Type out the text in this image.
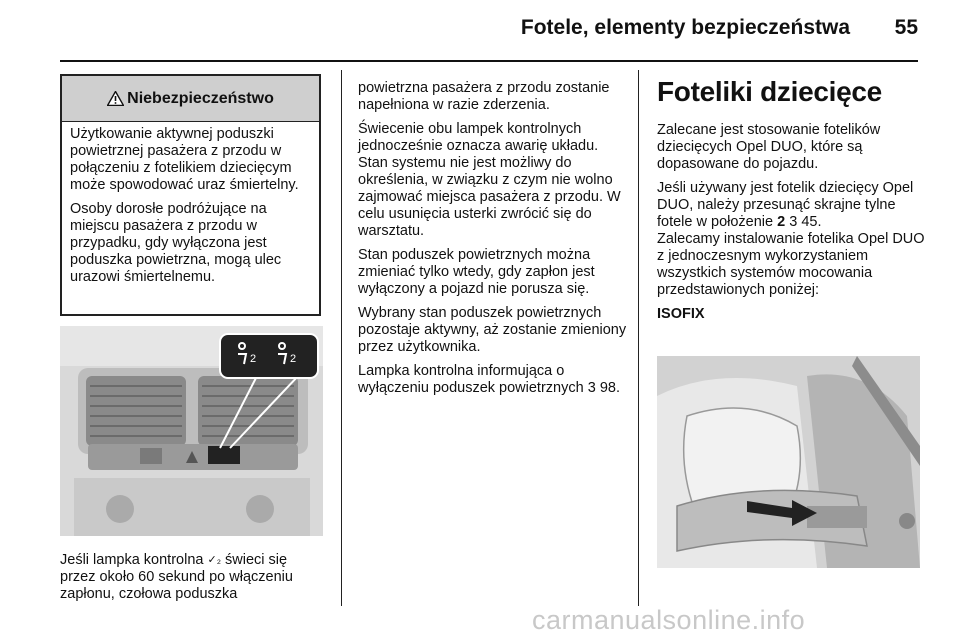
Fotele, elementy bezpieczeństwa 55
Niebezpieczeństwo

Użytkowanie aktywnej poduszki powietrznej pasażera z przodu w połączeniu z fotelikiem dziecięcym może spowodować uraz śmiertelny.

Osoby dorosłe podróżujące na miejscu pasażera z przodu w przypadku, gdy wyłączona jest poduszka powietrzna, mogą ulec urazowi śmiertelnemu.

2	2

Jeśli lampka kontrolna ✓₂ świeci się
przez około 60 sekund po włączeniu
zapłonu, czołowa poduszka

powietrzna pasażera z przodu zostanie napełniona w razie zderzenia.

Świecenie obu lampek kontrolnych jednocześnie oznacza awarię układu. Stan systemu nie jest możliwy do określenia, w związku z czym nie wolno zajmować miejsca pasażera z przodu. W celu usunięcia usterki zwrócić się do warsztatu.

Stan poduszek powietrznych można zmieniać tylko wtedy, gdy zapłon jest wyłączony a pojazd nie porusza się.

Wybrany stan poduszek powietrznych pozostaje aktywny, aż zostanie zmieniony przez użytkownika.

Lampka kontrolna informująca o wyłączeniu poduszek powietrznych 3 98.

Foteliki dziecięce

Zalecane jest stosowanie fotelików dziecięcych Opel DUO, które są dopasowane do pojazdu.

Jeśli używany jest fotelik dziecięcy Opel DUO, należy przesunąć skrajne tylne fotele w położenie 2 3 45.

Zalecamy instalowanie fotelika Opel DUO z jednoczesnym wykorzystaniem wszystkich systemów mocowania przedstawionych poniżej:

ISOFIX

carmanualsonline.info
